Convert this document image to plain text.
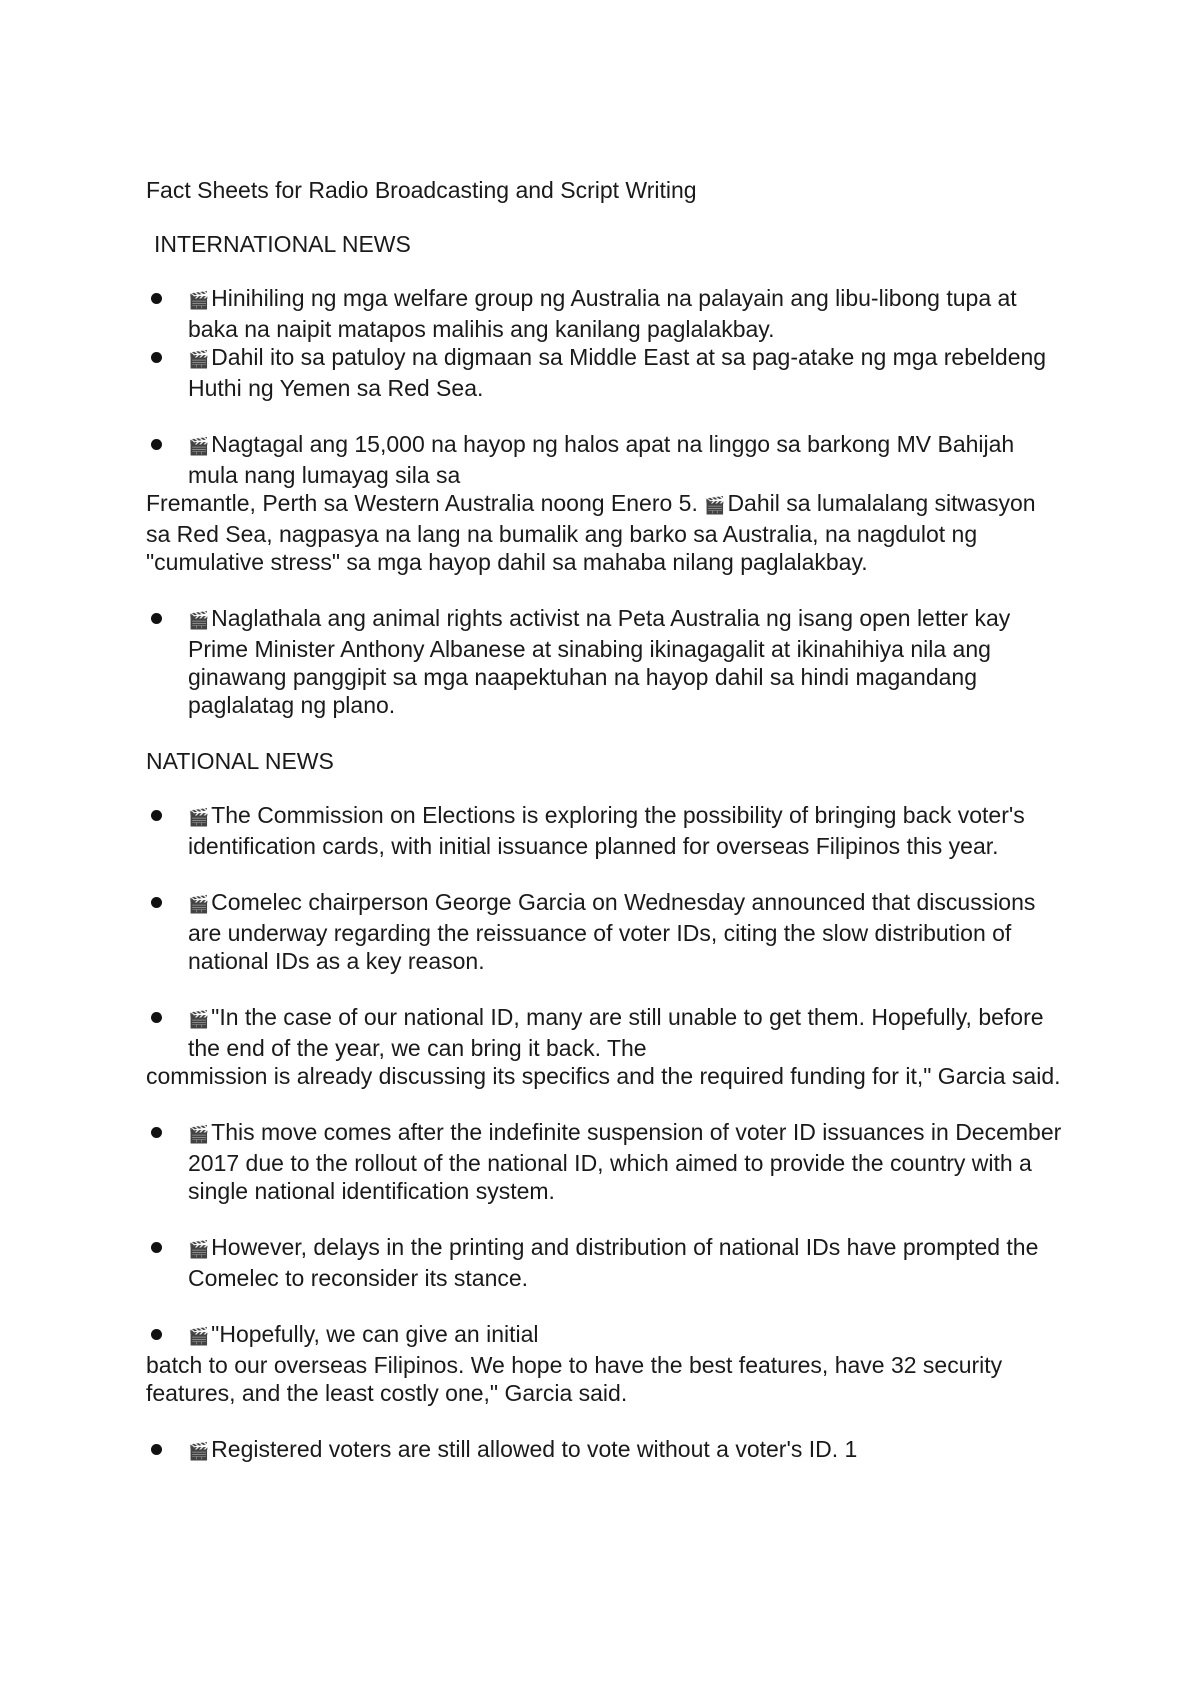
Fact Sheets for Radio Broadcasting and Script Writing

INTERNATIONAL NEWS

🎬Hinihiling ng mga welfare group ng Australia na palayain ang libu-libong tupa at baka na naipit matapos malihis ang kanilang paglalakbay.
🎬Dahil ito sa patuloy na digmaan sa Middle East at sa pag-atake ng mga rebeldeng Huthi ng Yemen sa Red Sea.
🎬Nagtagal ang 15,000 na hayop ng halos apat na linggo sa barkong MV Bahijah mula nang lumayag sila sa

Fremantle, Perth sa Western Australia noong Enero 5. 🎬Dahil sa lumalalang sitwasyon sa Red Sea, nagpasya na lang na bumalik ang barko sa Australia, na nagdulot ng "cumulative stress" sa mga hayop dahil sa mahaba nilang paglalakbay.

🎬Naglathala ang animal rights activist na Peta Australia ng isang open letter kay Prime Minister Anthony Albanese at sinabing ikinagagalit at ikinahihiya nila ang ginawang panggipit sa mga naapektuhan na hayop dahil sa hindi magandang paglalatag ng plano.

NATIONAL NEWS

🎬The Commission on Elections is exploring the possibility of bringing back voter's identification cards, with initial issuance planned for overseas Filipinos this year.
🎬Comelec chairperson George Garcia on Wednesday announced that discussions are underway regarding the reissuance of voter IDs, citing the slow distribution of national IDs as a key reason.
🎬"In the case of our national ID, many are still unable to get them. Hopefully, before the end of the year, we can bring it back. The

commission is already discussing its specifics and the required funding for it," Garcia said.

🎬This move comes after the indefinite suspension of voter ID issuances in December 2017 due to the rollout of the national ID, which aimed to provide the country with a single national identification system.
🎬However, delays in the printing and distribution of national IDs have prompted the Comelec to reconsider its stance.
🎬"Hopefully, we can give an initial

batch to our overseas Filipinos. We hope to have the best features, have 32 security features, and the least costly one," Garcia said.

🎬Registered voters are still allowed to vote without a voter's ID. 1
